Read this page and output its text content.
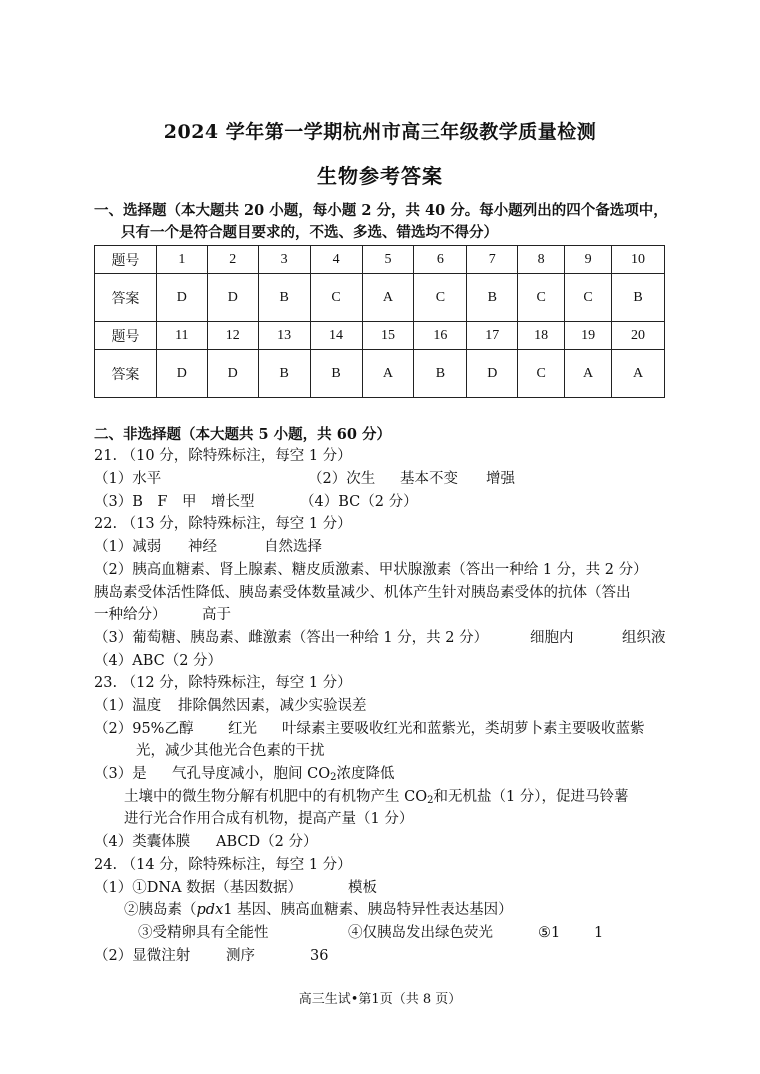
2024 学年第一学期杭州市高三年级教学质量检测
生物参考答案
一、选择题（本大题共 20 小题，每小题 2 分，共 40 分。每小题列出的四个备选项中，
只有一个是符合题目要求的，不选、多选、错选均不得分）
题号	1	2	3	4	5	6	7	8	9	10
答案	D	D	B	C	A	C	B	C	C	B
题号	11	12	13	14	15	16	17	18	19	20
答案	D	D	B	B	A	B	D	C	A	A
二、非选择题（本大题共 5 小题，共 60 分）
21. （10 分，除特殊标注，每空 1 分）
（1）水平	（2）次生 基本不变 增强
（3）B　F　甲　增长型	（4）BC（2 分）
22. （13 分，除特殊标注，每空 1 分）
（1）减弱 神经	自然选择
（2）胰高血糖素、肾上腺素、糖皮质激素、甲状腺激素（答出一种给 1 分，共 2 分）
胰岛素受体活性降低、胰岛素受体数量减少、机体产生针对胰岛素受体的抗体（答出
一种给分） 高于
（3）葡萄糖、胰岛素、雌激素（答出一种给 1 分，共 2 分）	细胞内	组织液
（4）ABC（2 分）
23. （12 分，除特殊标注，每空 1 分）
（1）温度 排除偶然因素，减少实验误差
（2）95%乙醇 红光 叶绿素主要吸收红光和蓝紫光，类胡萝卜素主要吸收蓝紫
光，减少其他光合色素的干扰
（3）是 气孔导度减小，胞间 $CO_2$浓度降低
土壤中的微生物分解有机肥中的有机物产生 $CO_2$和无机盐（1 分），促进马铃薯
进行光合作用合成有机物，提高产量（1 分）
（4）类囊体膜 ABCD（2 分）
24. （14 分，除特殊标注，每空 1 分）
（1）①DNA 数据（基因数据）	模板
②胰岛素（pdx1 基因、胰高血糖素、胰岛特异性表达基因）
③受精卵具有全能性	④仅胰岛发出绿色荧光	⑤1 1
（2）显微注射 测序	36
高三生试•第1页（共 8 页）
